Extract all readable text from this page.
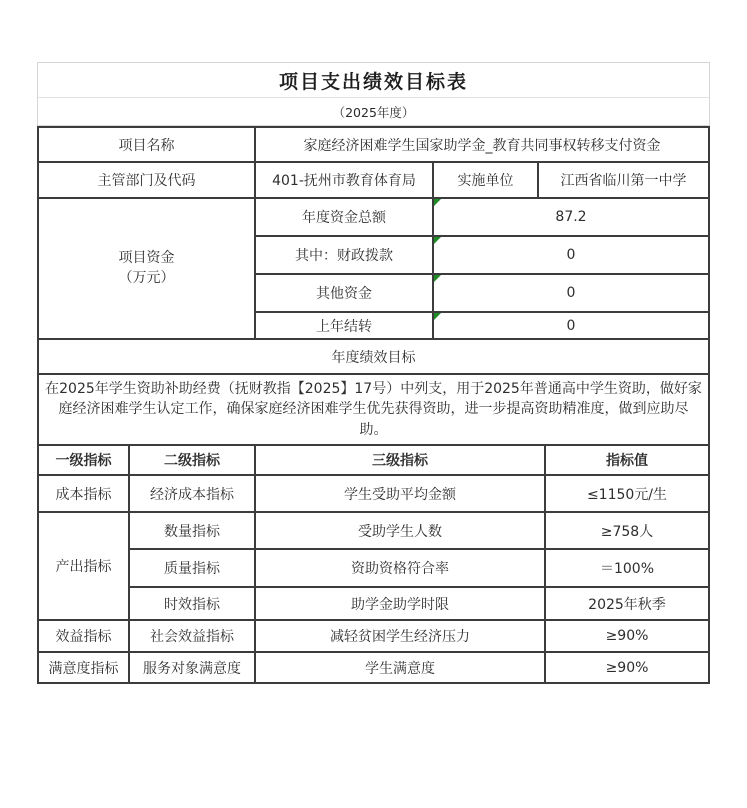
项目支出绩效目标表
（2025年度）
项目名称		家庭经济困难学生国家助学金_教育共同事权转移支付资金			
主管部门及代码		401-抚州市教育体育局	实施单位	江西省临川第一中学	

项目资金
（万元）		年度资金总额	87.2		
		其中：财政拨款	0		
		其他资金	0		
		上年结转	0		
年度绩效目标					
在2025年学生资助补助经费（抚财教指【2025】17号）中列支，用于2025年普通高中学生资助，做好家庭经济困难学生认定工作，确保家庭经济困难学生优先获得资助，进一步提高资助精准度，做到应助尽助。					
一级指标	二级指标	三级指标			指标值
成本指标	经济成本指标	学生受助平均金额			≤1150元/生
产出指标	数量指标	受助学生人数			≥758人
	质量指标	资助资格符合率			＝100%
	时效指标	助学金助学时限			2025年秋季
效益指标	社会效益指标	减轻贫困学生经济压力			≥90%
满意度指标	服务对象满意度	学生满意度			≥90%
